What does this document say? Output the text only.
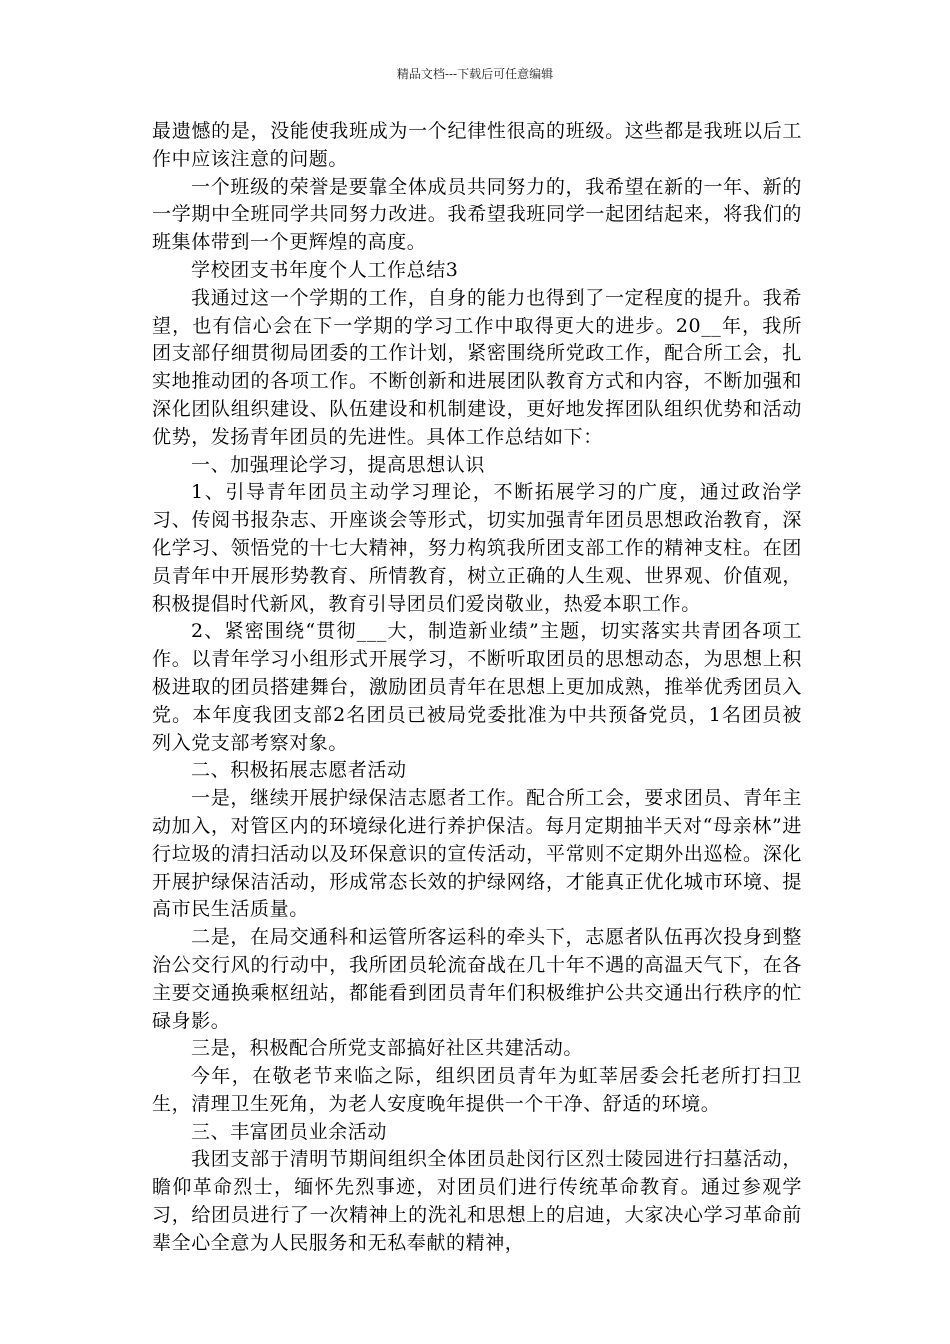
精品文档---下载后可任意编辑

最遗憾的是，没能使我班成为一个纪律性很高的班级。这些都是我班以后工作中应该注意的问题。

一个班级的荣誉是要靠全体成员共同努力的，我希望在新的一年、新的一学期中全班同学共同努力改进。我希望我班同学一起团结起来，将我们的班集体带到一个更辉煌的高度。

学校团支书年度个人工作总结3

我通过这一个学期的工作，自身的能力也得到了一定程度的提升。我希望，也有信心会在下一学期的学习工作中取得更大的进步。20__年，我所团支部仔细贯彻局团委的工作计划，紧密围绕所党政工作，配合所工会，扎实地推动团的各项工作。不断创新和进展团队教育方式和内容，不断加强和深化团队组织建设、队伍建设和机制建设，更好地发挥团队组织优势和活动优势，发扬青年团员的先进性。具体工作总结如下：

一、加强理论学习，提高思想认识

1、引导青年团员主动学习理论，不断拓展学习的广度，通过政治学习、传阅书报杂志、开座谈会等形式，切实加强青年团员思想政治教育，深化学习、领悟党的十七大精神，努力构筑我所团支部工作的精神支柱。在团员青年中开展形势教育、所情教育，树立正确的人生观、世界观、价值观，积极提倡时代新风，教育引导团员们爱岗敬业，热爱本职工作。

2、紧密围绕“贯彻___大，制造新业绩”主题，切实落实共青团各项工作。以青年学习小组形式开展学习，不断听取团员的思想动态，为思想上积极进取的团员搭建舞台，激励团员青年在思想上更加成熟，推举优秀团员入党。本年度我团支部2名团员已被局党委批准为中共预备党员，1名团员被列入党支部考察对象。

二、积极拓展志愿者活动

一是，继续开展护绿保洁志愿者工作。配合所工会，要求团员、青年主动加入，对管区内的环境绿化进行养护保洁。每月定期抽半天对“母亲林”进行垃圾的清扫活动以及环保意识的宣传活动，平常则不定期外出巡检。深化开展护绿保洁活动，形成常态长效的护绿网络，才能真正优化城市环境、提高市民生活质量。

二是，在局交通科和运管所客运科的牵头下，志愿者队伍再次投身到整治公交行风的行动中，我所团员轮流奋战在几十年不遇的高温天气下，在各主要交通换乘枢纽站，都能看到团员青年们积极维护公共交通出行秩序的忙碌身影。

三是，积极配合所党支部搞好社区共建活动。

今年，在敬老节来临之际，组织团员青年为虹莘居委会托老所打扫卫生，清理卫生死角，为老人安度晚年提供一个干净、舒适的环境。

三、丰富团员业余活动

我团支部于清明节期间组织全体团员赴闵行区烈士陵园进行扫墓活动，瞻仰革命烈士，缅怀先烈事迹，对团员们进行传统革命教育。通过参观学习，给团员进行了一次精神上的洗礼和思想上的启迪，大家决心学习革命前辈全心全意为人民服务和无私奉献的精神，
